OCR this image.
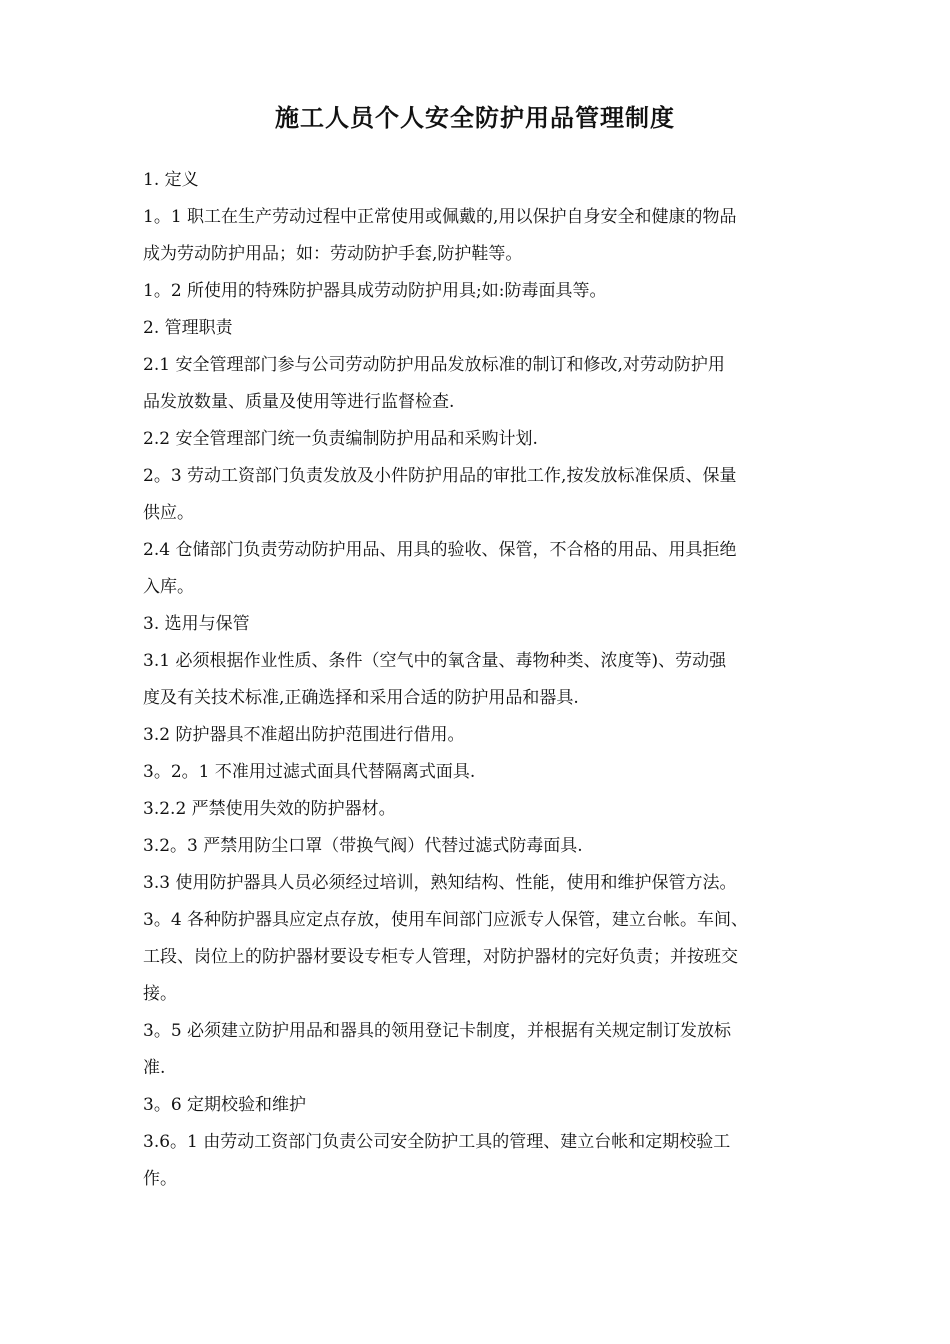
施工人员个人安全防护用品管理制度

1. 定义

1。1 职工在生产劳动过程中正常使用或佩戴的,用以保护自身安全和健康的物品
成为劳动防护用品；如：劳动防护手套,防护鞋等。

1。2 所使用的特殊防护器具成劳动防护用具;如:防毒面具等。

2. 管理职责

2.1 安全管理部门参与公司劳动防护用品发放标准的制订和修改,对劳动防护用
品发放数量、质量及使用等进行监督检查.

2.2 安全管理部门统一负责编制防护用品和采购计划.

2。3 劳动工资部门负责发放及小件防护用品的审批工作,按发放标准保质、保量
供应。

2.4 仓储部门负责劳动防护用品、用具的验收、保管，不合格的用品、用具拒绝
入库。

3. 选用与保管

3.1 必须根据作业性质、条件（空气中的氧含量、毒物种类、浓度等)、劳动强
度及有关技术标准,正确选择和采用合适的防护用品和器具.

3.2 防护器具不准超出防护范围进行借用。

3。2。1 不准用过滤式面具代替隔离式面具.

3.2.2 严禁使用失效的防护器材。

3.2。3 严禁用防尘口罩（带换气阀）代替过滤式防毒面具.

3.3 使用防护器具人员必须经过培训，熟知结构、性能，使用和维护保管方法。

3。4 各种防护器具应定点存放，使用车间部门应派专人保管，建立台帐。车间、
工段、岗位上的防护器材要设专柜专人管理，对防护器材的完好负责；并按班交
接。

3。5 必须建立防护用品和器具的领用登记卡制度，并根据有关规定制订发放标
准.

3。6 定期校验和维护

3.6。1 由劳动工资部门负责公司安全防护工具的管理、建立台帐和定期校验工
作。
